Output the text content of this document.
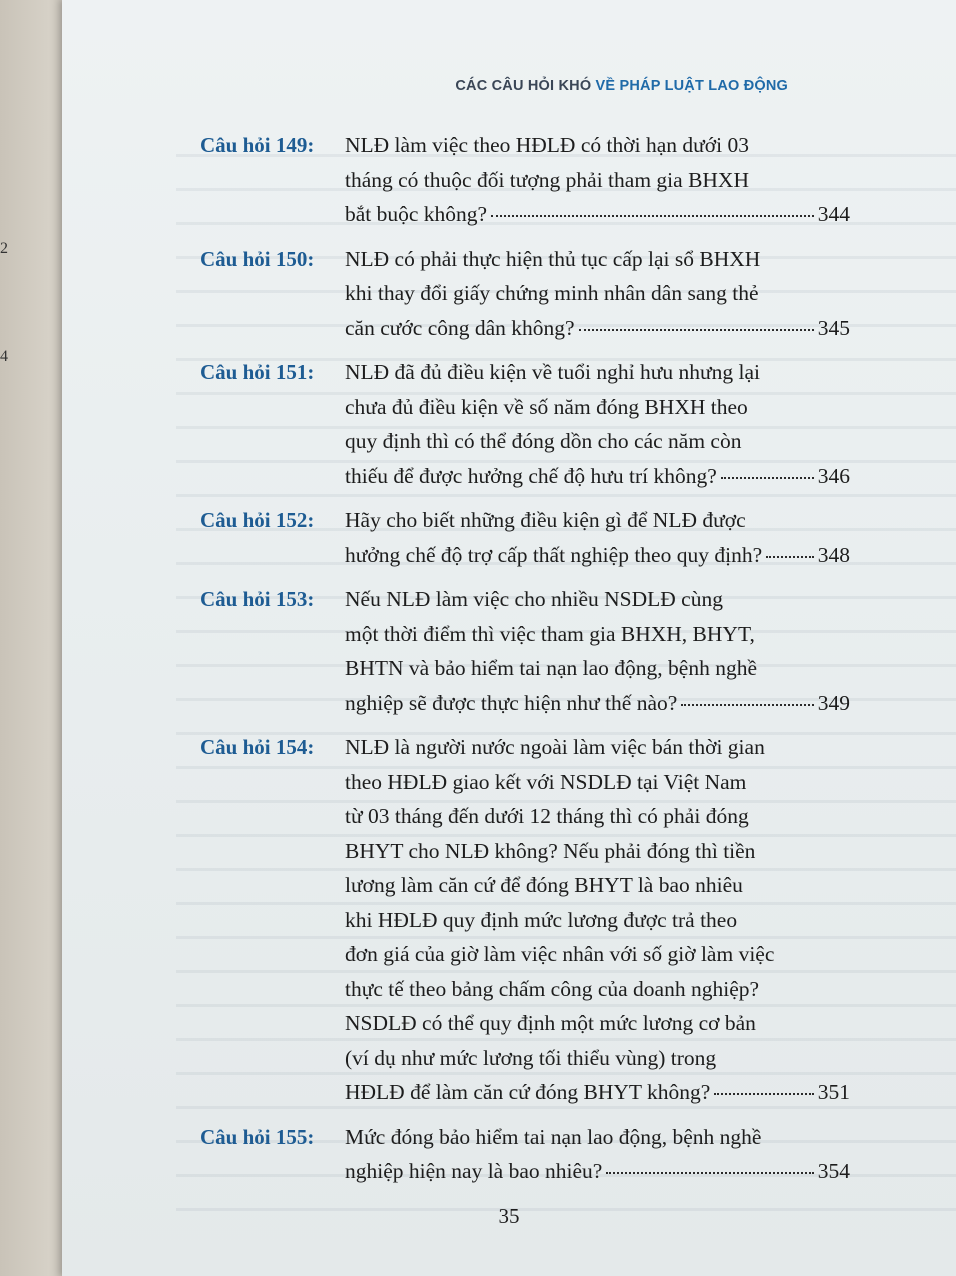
2
4
CÁC CÂU HỎI KHÓ VỀ PHÁP LUẬT LAO ĐỘNG
Câu hỏi 149: NLĐ làm việc theo HĐLĐ có thời hạn dưới 03
tháng có thuộc đối tượng phải tham gia BHXH
bắt buộc không?	344
Câu hỏi 150: NLĐ có phải thực hiện thủ tục cấp lại sổ BHXH
khi thay đổi giấy chứng minh nhân dân sang thẻ
căn cước công dân không?	345
Câu hỏi 151: NLĐ đã đủ điều kiện về tuổi nghỉ hưu nhưng lại
chưa đủ điều kiện về số năm đóng BHXH theo
quy định thì có thể đóng dồn cho các năm còn
thiếu để được hưởng chế độ hưu trí không?	346
Câu hỏi 152: Hãy cho biết những điều kiện gì để NLĐ được
hưởng chế độ trợ cấp thất nghiệp theo quy định?	348
Câu hỏi 153: Nếu NLĐ làm việc cho nhiều NSDLĐ cùng
một thời điểm thì việc tham gia BHXH, BHYT,
BHTN và bảo hiểm tai nạn lao động, bệnh nghề
nghiệp sẽ được thực hiện như thế nào?	349
Câu hỏi 154: NLĐ là người nước ngoài làm việc bán thời gian
theo HĐLĐ giao kết với NSDLĐ tại Việt Nam
từ 03 tháng đến dưới 12 tháng thì có phải đóng
BHYT cho NLĐ không? Nếu phải đóng thì tiền
lương làm căn cứ để đóng BHYT là bao nhiêu
khi HĐLĐ quy định mức lương được trả theo
đơn giá của giờ làm việc nhân với số giờ làm việc
thực tế theo bảng chấm công của doanh nghiệp?
NSDLĐ có thể quy định một mức lương cơ bản
(ví dụ như mức lương tối thiểu vùng) trong
HĐLĐ để làm căn cứ đóng BHYT không?	351
Câu hỏi 155: Mức đóng bảo hiểm tai nạn lao động, bệnh nghề
nghiệp hiện nay là bao nhiêu?	354
35
